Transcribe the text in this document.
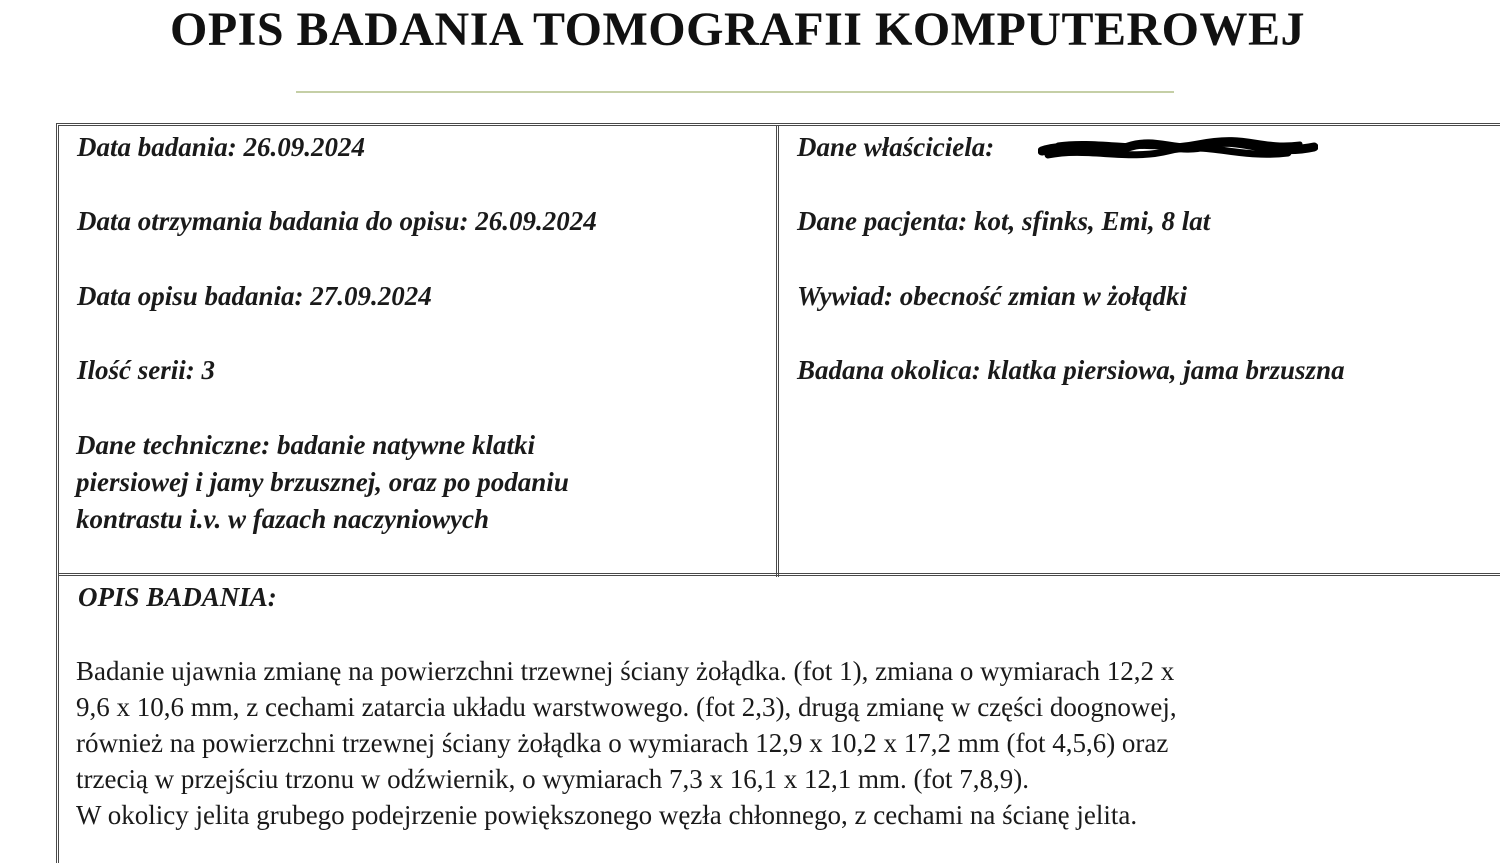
OPIS BADANIA TOMOGRAFII KOMPUTEROWEJ

Data badania: 26.09.2024

Data otrzymania badania do opisu: 26.09.2024

Data opisu badania: 27.09.2024

Ilość serii: 3

Dane techniczne: badanie natywne klatki
piersiowej i jamy brzusznej, oraz po podaniu
kontrastu i.v. w fazach naczyniowych

Dane właściciela:

Dane pacjenta: kot, sfinks, Emi, 8 lat

Wywiad: obecność zmian w żołądki

Badana okolica: klatka piersiowa, jama brzuszna

OPIS BADANIA:

Badanie ujawnia zmianę na powierzchni trzewnej ściany żołądka. (fot 1), zmiana o wymiarach 12,2 x
9,6 x 10,6 mm, z cechami zatarcia układu warstwowego. (fot 2,3), drugą zmianę w części doognowej,
również na powierzchni trzewnej ściany żołądka o wymiarach 12,9 x 10,2 x 17,2 mm (fot 4,5,6) oraz
trzecią w przejściu trzonu w odźwiernik, o wymiarach 7,3 x 16,1 x 12,1 mm. (fot 7,8,9).
W okolicy jelita grubego podejrzenie powiększonego węzła chłonnego, z cechami na ścianę jelita.
